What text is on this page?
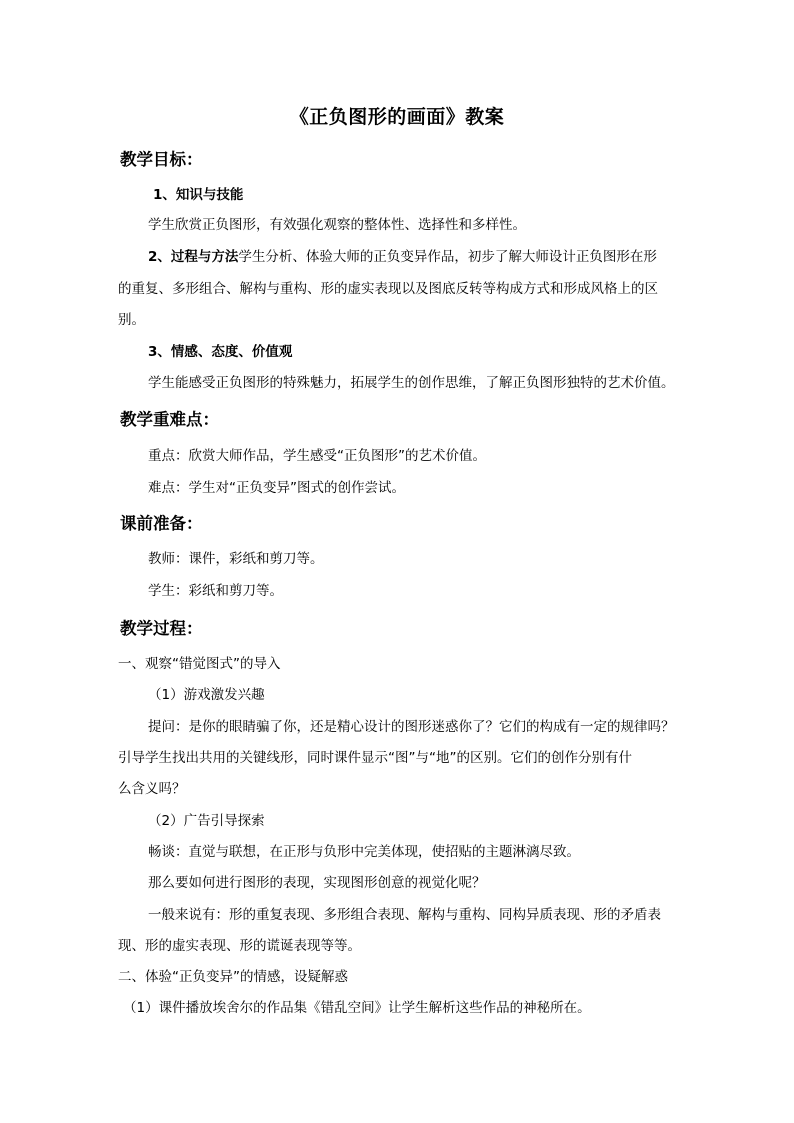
《正负图形的画面》教案
教学目标：
1、知识与技能
学生欣赏正负图形，有效强化观察的整体性、选择性和多样性。
2、过程与方法学生分析、体验大师的正负变异作品，初步了解大师设计正负图形在形
的重复、多形组合、解构与重构、形的虚实表现以及图底反转等构成方式和形成风格上的区
别。
3、情感、态度、价值观
学生能感受正负图形的特殊魅力，拓展学生的创作思维，了解正负图形独特的艺术价值。
教学重难点：
重点：欣赏大师作品，学生感受“正负图形”的艺术价值。
难点：学生对“正负变异”图式的创作尝试。
课前准备：
教师：课件，彩纸和剪刀等。
学生：彩纸和剪刀等。
教学过程：
一、观察“错觉图式”的导入
（1）游戏激发兴趣
提问：是你的眼睛骗了你，还是精心设计的图形迷惑你了？它们的构成有一定的规律吗？
引导学生找出共用的关键线形，同时课件显示“图”与“地”的区别。它们的创作分别有什
么含义吗？
（2）广告引导探索
畅谈：直觉与联想，在正形与负形中完美体现，使招贴的主题淋漓尽致。
那么要如何进行图形的表现，实现图形创意的视觉化呢？
一般来说有：形的重复表现、多形组合表现、解构与重构、同构异质表现、形的矛盾表
现、形的虚实表现、形的谎诞表现等等。
二、体验“正负变异”的情感，设疑解惑
（1）课件播放埃舍尔的作品集《错乱空间》让学生解析这些作品的神秘所在。
